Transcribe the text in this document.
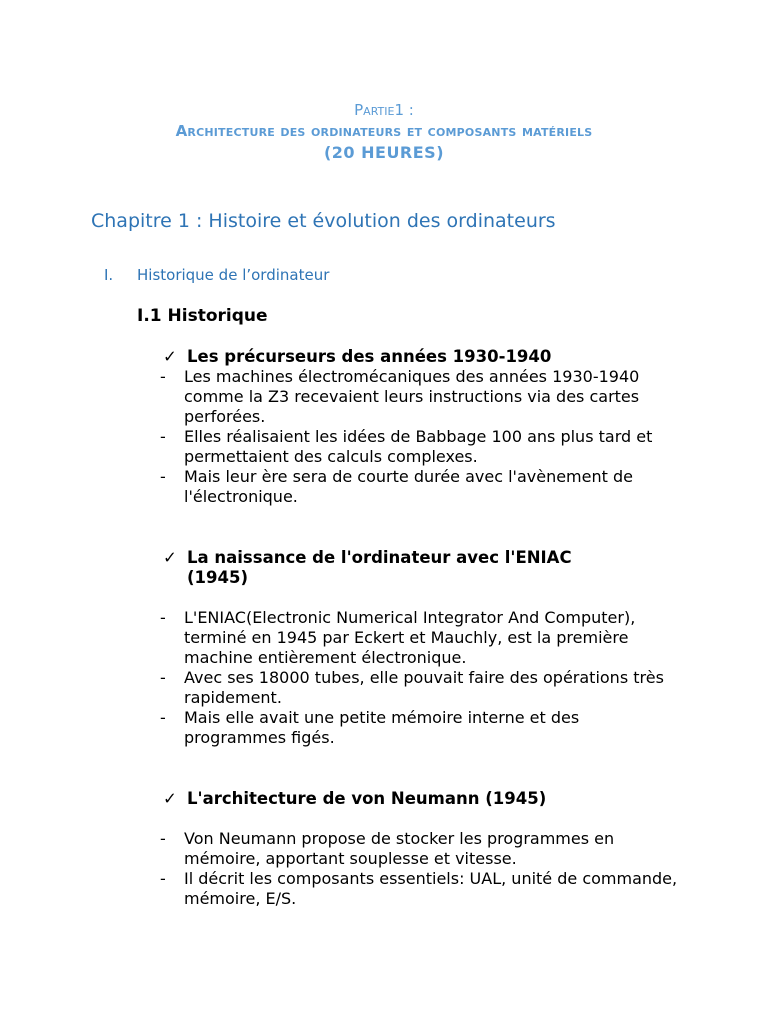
Partie1 :
Architecture des ordinateurs et composants matériels
(20 HEURES)
Chapitre 1 : Histoire et évolution des ordinateurs
I. Historique de l’ordinateur
I.1 Historique
✓ Les précurseurs des années 1930-1940
-	Les machines électromécaniques des années 1930-1940 comme la Z3 recevaient leurs instructions via des cartes perforées.
-	Elles réalisaient les idées de Babbage 100 ans plus tard et permettaient des calculs complexes.
-	Mais leur ère sera de courte durée avec l'avènement de l'électronique.
✓ La naissance de l'ordinateur avec l'ENIAC (1945)
-	L'ENIAC(Electronic Numerical Integrator And Computer), terminé en 1945 par Eckert et Mauchly, est la première machine entièrement électronique.
-	Avec ses 18000 tubes, elle pouvait faire des opérations très rapidement.
-	Mais elle avait une petite mémoire interne et des programmes figés.
✓ L'architecture de von Neumann (1945)
-	Von Neumann propose de stocker les programmes en mémoire, apportant souplesse et vitesse.
-	Il décrit les composants essentiels: UAL, unité de commande, mémoire, E/S.
